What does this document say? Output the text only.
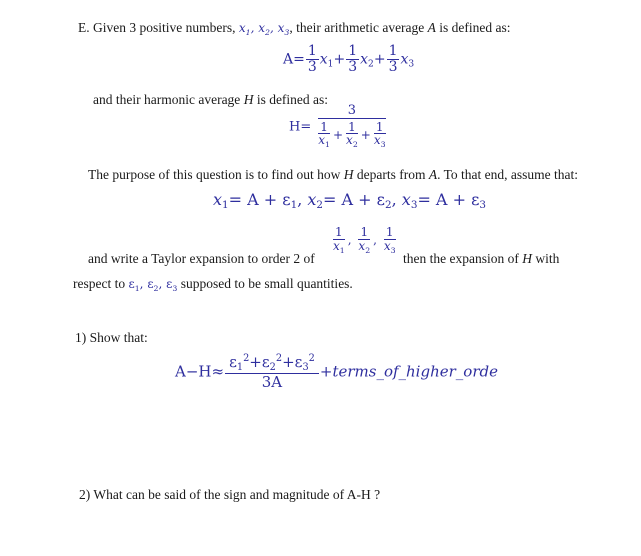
E. Given 3 positive numbers, $x_1$, $x_2$, $x_3$, their arithmetic average A is defined as:
$A= \frac{1}{3} x_1+ \frac{1}{3} x_2+ \frac{1}{3} x_3$
and their harmonic average H is defined as:
$H= \frac{3}{\frac{1}{x_1} + \frac{1}{x_2} + \frac{1}{x_3}}$
The purpose of this question is to find out how H departs from A. To that end, assume that:
$x_1= A + \varepsilon_1$, $x_2= A + \varepsilon_2$, $x_3= A + \varepsilon_3$
and write a Taylor expansion to order 2 of
$\frac{1}{x_1}$ , $\frac{1}{x_2}$ , $\frac{1}{x_3}$
then the expansion of H with
respect to $\varepsilon_1$, $\varepsilon_2$, $\varepsilon_3$ supposed to be small quantities.
1) Show that:
$A-H\approx \frac{\varepsilon_1^2+\varepsilon_2^2+\varepsilon_3^2}{3A}$ +terms_of_higher_orde
2) What can be said of the sign and magnitude of A-H ?
